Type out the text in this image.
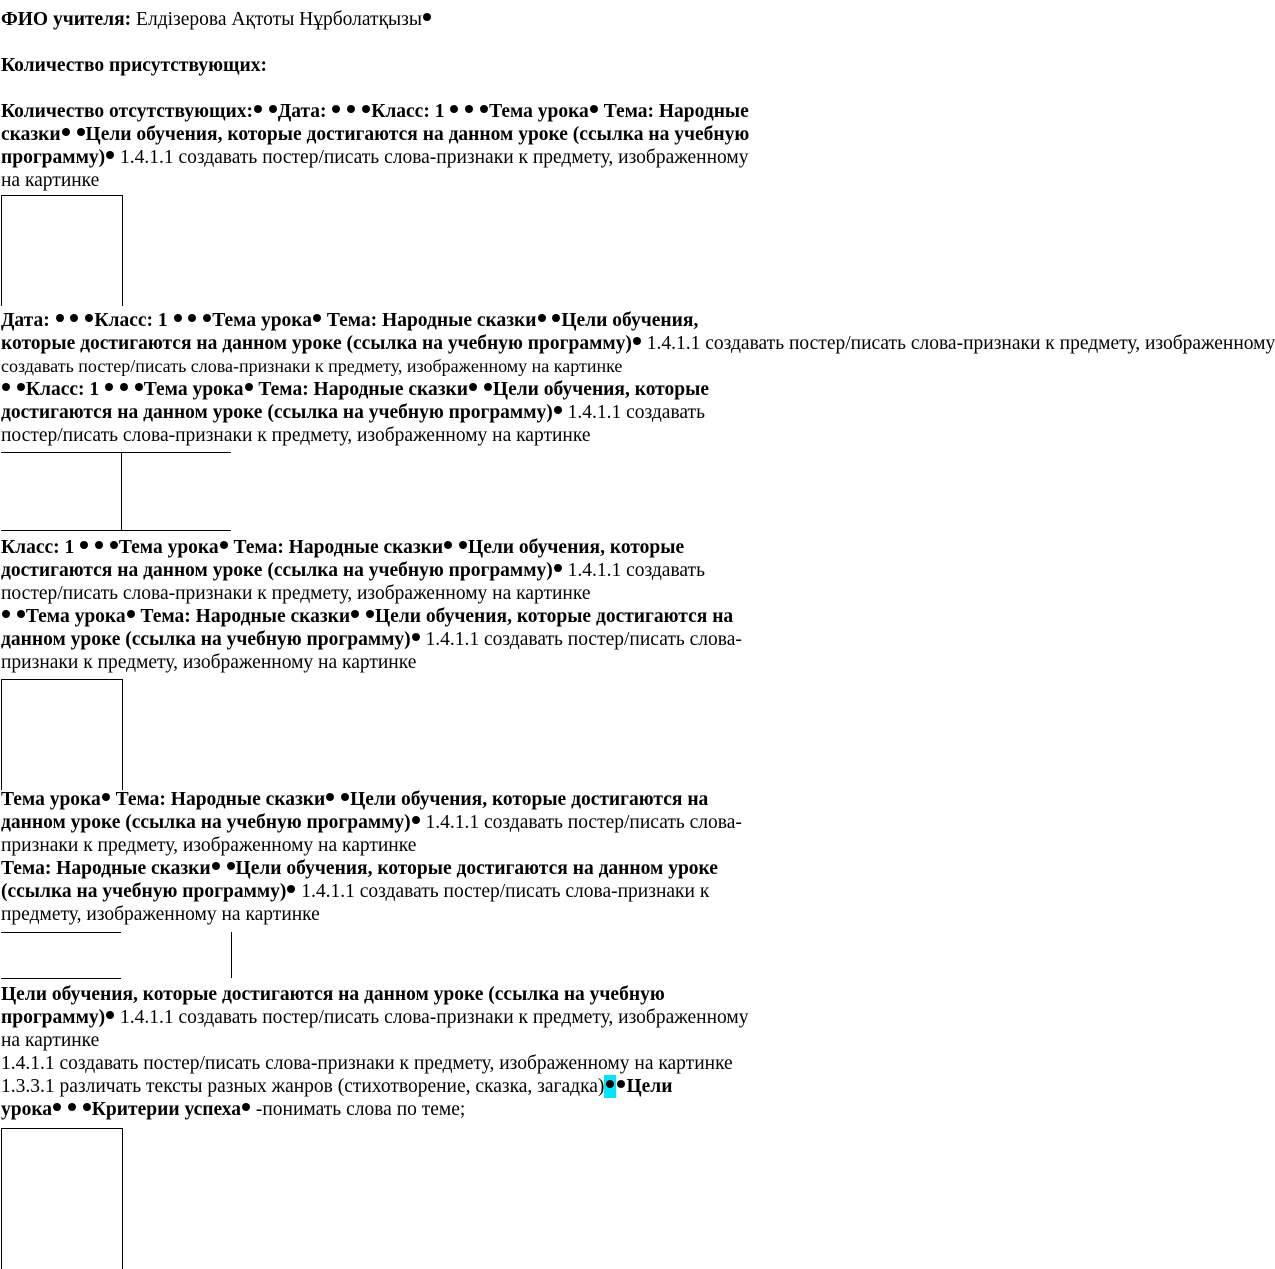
ФИО учителя: Елдізерова Ақтоты Нұрболатқызы

Количество присутствующих:

Количество отсутствующих: Дата: Класс: 1 Тема урока Тема: Народные
сказки Цели обучения, которые достигаются на данном уроке (ссылка на учебную
программу) 1.4.1.1 создавать постер/писать слова-признаки к предмету, изображенному
на картинке
Дата: Класс: 1 Тема урока Тема: Народные сказки Цели обучения,
которые достигаются на данном уроке (ссылка на учебную программу) 1.4.1.1 создавать постер/писать слова-признаки к предмету, изображенному
создавать постер/писать слова-признаки к предмету, изображенному на картинке
Класс: 1 Тема урока Тема: Народные сказки Цели обучения, которые
достигаются на данном уроке (ссылка на учебную программу) 1.4.1.1 создавать
постер/писать слова-признаки к предмету, изображенному на картинке
Класс: 1 Тема урока Тема: Народные сказки Цели обучения, которые
достигаются на данном уроке (ссылка на учебную программу) 1.4.1.1 создавать
постер/писать слова-признаки к предмету, изображенному на картинке
Тема урока Тема: Народные сказки Цели обучения, которые достигаются на
данном уроке (ссылка на учебную программу) 1.4.1.1 создавать постер/писать слова-
признаки к предмету, изображенному на картинке
Тема урока Тема: Народные сказки Цели обучения, которые достигаются на
данном уроке (ссылка на учебную программу) 1.4.1.1 создавать постер/писать слова-
признаки к предмету, изображенному на картинке
Тема: Народные сказки Цели обучения, которые достигаются на данном уроке
(ссылка на учебную программу) 1.4.1.1 создавать постер/писать слова-признаки к
предмету, изображенному на картинке
Цели обучения, которые достигаются на данном уроке (ссылка на учебную
программу) 1.4.1.1 создавать постер/писать слова-признаки к предмету, изображенному
на картинке
1.4.1.1 создавать постер/писать слова-признаки к предмету, изображенному на картинке
1.3.3.1 различать тексты разных жанров (стихотворение, сказка, загадка) Цели
урока Критерии успеха -понимать слова по теме;
